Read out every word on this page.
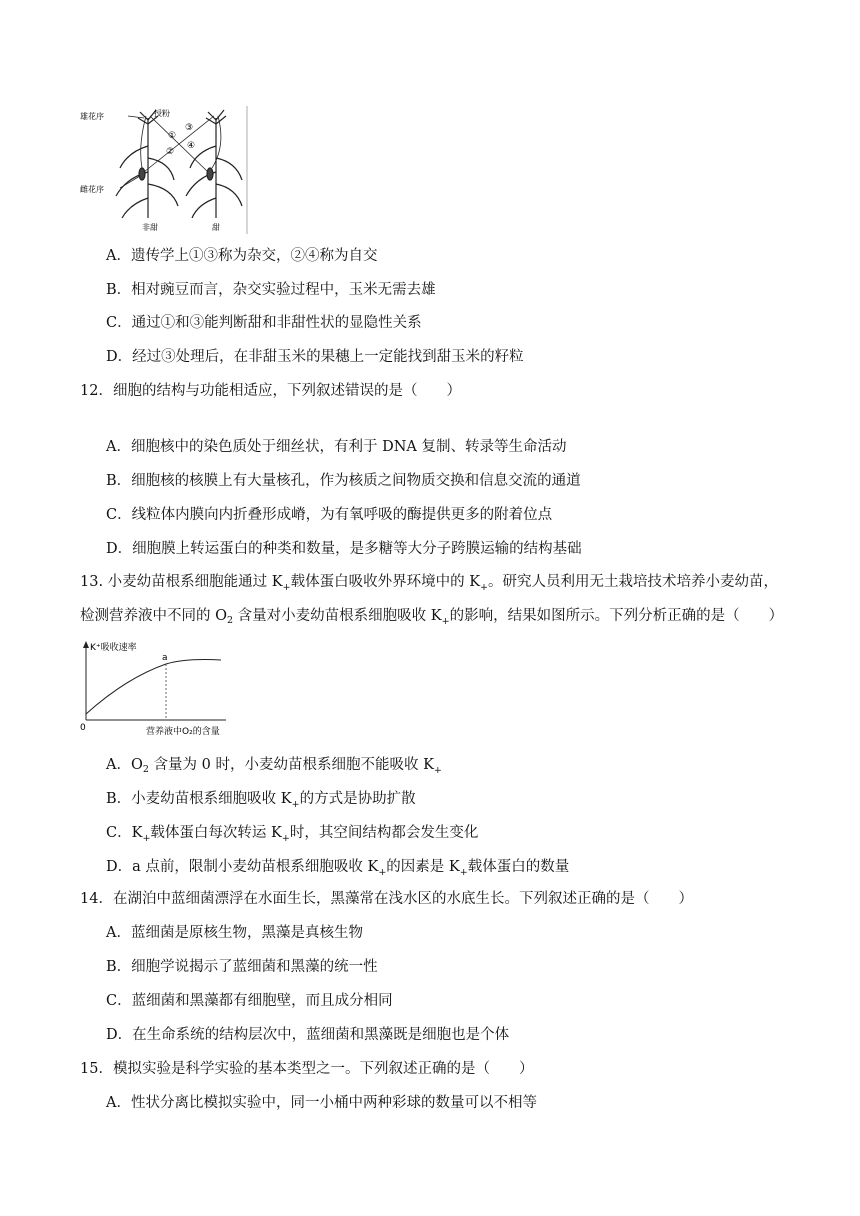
雄花序	授粉
雌花序
非甜	甜
①
②
③
④
A．遗传学上①③称为杂交，②④称为自交
B．相对豌豆而言，杂交实验过程中，玉米无需去雄
C．通过①和③能判断甜和非甜性状的显隐性关系
D．经过③处理后，在非甜玉米的果穗上一定能找到甜玉米的籽粒
12．细胞的结构与功能相适应，下列叙述错误的是（　　）
A．细胞核中的染色质处于细丝状，有利于 DNA 复制、转录等生命活动
B．细胞核的核膜上有大量核孔，作为核质之间物质交换和信息交流的通道
C．线粒体内膜向内折叠形成嵴，为有氧呼吸的酶提供更多的附着位点
D．细胞膜上转运蛋白的种类和数量，是多糖等大分子跨膜运输的结构基础
13. 小麦幼苗根系细胞能通过 $K_+$载体蛋白吸收外界环境中的 $K_+$。研究人员利用无土栽培技术培养小麦幼苗，
检测营养液中不同的 $O_2$ 含量对小麦幼苗根系细胞吸收 $K_+$的影响，结果如图所示。下列分析正确的是（　　）
K⁺吸收速率
a
0	营养液中O₂的含量
A．$O_2$ 含量为 0 时，小麦幼苗根系细胞不能吸收 $K_+$
B．小麦幼苗根系细胞吸收 $K_+$的方式是协助扩散
C．$K_+$载体蛋白每次转运 $K_+$时，其空间结构都会发生变化
D．a 点前，限制小麦幼苗根系细胞吸收 $K_+$的因素是 $K_+$载体蛋白的数量
14．在湖泊中蓝细菌漂浮在水面生长，黑藻常在浅水区的水底生长。下列叙述正确的是（　　）
A．蓝细菌是原核生物，黑藻是真核生物
B．细胞学说揭示了蓝细菌和黑藻的统一性
C．蓝细菌和黑藻都有细胞壁，而且成分相同
D．在生命系统的结构层次中，蓝细菌和黑藻既是细胞也是个体
15．模拟实验是科学实验的基本类型之一。下列叙述正确的是（　　）
A．性状分离比模拟实验中，同一小桶中两种彩球的数量可以不相等
